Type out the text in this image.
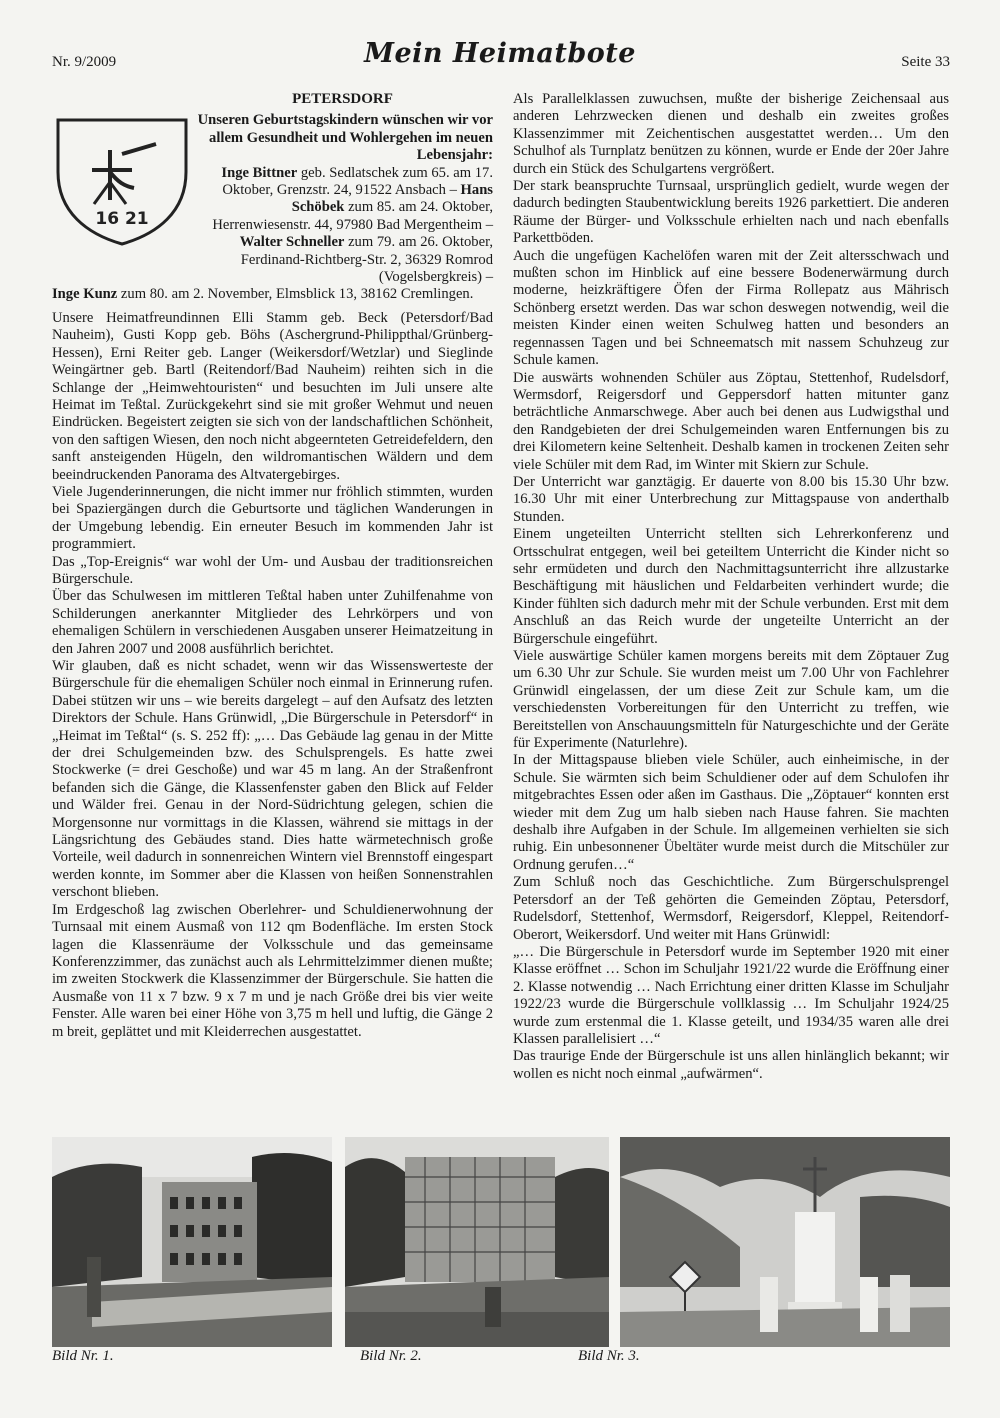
Nr. 9/2009	Mein Heimatbote	Seite 33
PETERSDORF
16 21
Unseren Geburtstagskindern wünschen wir vor allem Gesundheit und Wohlergehen im neuen Lebensjahr:
Inge Bittner geb. Sedlatschek zum 65. am 17. Oktober, Grenzstr. 24, 91522 Ansbach – Hans Schöbek zum 85. am 24. Oktober, Herrenwiesenstr. 44, 97980 Bad Mergentheim – Walter Schneller zum 79. am 26. Oktober, Ferdinand-Richtberg-Str. 2, 36329 Romrod (Vogelsbergkreis) –

Inge Kunz zum 80. am 2. November, Elmsblick 13, 38162 Cremlingen.

Unsere Heimatfreundinnen Elli Stamm geb. Beck (Petersdorf/Bad Nauheim), Gusti Kopp geb. Böhs (Aschergrund-Philippthal/Grünberg-Hessen), Erni Reiter geb. Langer (Weikersdorf/Wetzlar) und Sieglinde Weingärtner geb. Bartl (Reitendorf/Bad Nauheim) reihten sich in die Schlange der „Heimwehtouristen“ und besuchten im Juli unsere alte Heimat im Teßtal. Zurückgekehrt sind sie mit großer Wehmut und neuen Eindrücken. Begeistert zeigten sie sich von der landschaftlichen Schönheit, von den saftigen Wiesen, den noch nicht abgeernteten Getreidefeldern, den sanft ansteigenden Hügeln, den wildromantischen Wäldern und dem beeindruckenden Panorama des Altvatergebirges.

Viele Jugenderinnerungen, die nicht immer nur fröhlich stimmten, wurden bei Spaziergängen durch die Geburtsorte und täglichen Wanderungen in der Umgebung lebendig. Ein erneuter Besuch im kommenden Jahr ist programmiert.

Das „Top-Ereignis“ war wohl der Um- und Ausbau der traditionsreichen Bürgerschule.

Über das Schulwesen im mittleren Teßtal haben unter Zuhilfenahme von Schilderungen anerkannter Mitglieder des Lehrkörpers und von ehemaligen Schülern in verschiedenen Ausgaben unserer Heimatzeitung in den Jahren 2007 und 2008 ausführlich berichtet.

Wir glauben, daß es nicht schadet, wenn wir das Wissenswerteste der Bürgerschule für die ehemaligen Schüler noch einmal in Erinnerung rufen. Dabei stützen wir uns – wie bereits dargelegt – auf den Aufsatz des letzten Direktors der Schule. Hans Grünwidl, „Die Bürgerschule in Petersdorf“ in „Heimat im Teßtal“ (s. S. 252 ff): „… Das Gebäude lag genau in der Mitte der drei Schulgemeinden bzw. des Schulsprengels. Es hatte zwei Stockwerke (= drei Geschoße) und war 45 m lang. An der Straßenfront befanden sich die Gänge, die Klassenfenster gaben den Blick auf Felder und Wälder frei. Genau in der Nord-Südrichtung gelegen, schien die Morgensonne nur vormittags in die Klassen, während sie mittags in der Längsrichtung des Gebäudes stand. Dies hatte wärmetechnisch große Vorteile, weil dadurch in sonnenreichen Wintern viel Brennstoff eingespart werden konnte, im Sommer aber die Klassen von heißen Sonnenstrahlen verschont blieben.

Im Erdgeschoß lag zwischen Oberlehrer- und Schuldienerwohnung der Turnsaal mit einem Ausmaß von 112 qm Bodenfläche. Im ersten Stock lagen die Klassenräume der Volksschule und das gemeinsame Konferenzzimmer, das zunächst auch als Lehrmittelzimmer dienen mußte; im zweiten Stockwerk die Klassenzimmer der Bürgerschule. Sie hatten die Ausmaße von 11 x 7 bzw. 9 x 7 m und je nach Größe drei bis vier weite Fenster. Alle waren bei einer Höhe von 3,75 m hell und luftig, die Gänge 2 m breit, geplättet und mit Kleiderrechen ausgestattet.

Als Parallelklassen zuwuchsen, mußte der bisherige Zeichensaal aus anderen Lehrzwecken dienen und deshalb ein zweites großes Klassenzimmer mit Zeichentischen ausgestattet werden… Um den Schulhof als Turnplatz benützen zu können, wurde er Ende der 20er Jahre durch ein Stück des Schulgartens vergrößert.

Der stark beanspruchte Turnsaal, ursprünglich gedielt, wurde wegen der dadurch bedingten Staubentwicklung bereits 1926 parkettiert. Die anderen Räume der Bürger- und Volksschule erhielten nach und nach ebenfalls Parkettböden.

Auch die ungefügen Kachelöfen waren mit der Zeit altersschwach und mußten schon im Hinblick auf eine bessere Bodenerwärmung durch moderne, heizkräftigere Öfen der Firma Rollepatz aus Mährisch Schönberg ersetzt werden. Das war schon deswegen notwendig, weil die meisten Kinder einen weiten Schulweg hatten und besonders an regennassen Tagen und bei Schneematsch mit nassem Schuhzeug zur Schule kamen.

Die auswärts wohnenden Schüler aus Zöptau, Stettenhof, Rudelsdorf, Wermsdorf, Reigersdorf und Geppersdorf hatten mitunter ganz beträchtliche Anmarschwege. Aber auch bei denen aus Ludwigsthal und den Randgebieten der drei Schulgemeinden waren Entfernungen bis zu drei Kilometern keine Seltenheit. Deshalb kamen in trockenen Zeiten sehr viele Schüler mit dem Rad, im Winter mit Skiern zur Schule.

Der Unterricht war ganztägig. Er dauerte von 8.00 bis 15.30 Uhr bzw. 16.30 Uhr mit einer Unterbrechung zur Mittagspause von anderthalb Stunden.

Einem ungeteilten Unterricht stellten sich Lehrerkonferenz und Ortsschulrat entgegen, weil bei geteiltem Unterricht die Kinder nicht so sehr ermüdeten und durch den Nachmittagsunterricht ihre allzustarke Beschäftigung mit häuslichen und Feldarbeiten verhindert wurde; die Kinder fühlten sich dadurch mehr mit der Schule verbunden. Erst mit dem Anschluß an das Reich wurde der ungeteilte Unterricht an der Bürgerschule eingeführt.

Viele auswärtige Schüler kamen morgens bereits mit dem Zöptauer Zug um 6.30 Uhr zur Schule. Sie wurden meist um 7.00 Uhr von Fachlehrer Grünwidl eingelassen, der um diese Zeit zur Schule kam, um die verschiedensten Vorbereitungen für den Unterricht zu treffen, wie Bereitstellen von Anschauungsmitteln für Naturgeschichte und der Geräte für Experimente (Naturlehre).

In der Mittagspause blieben viele Schüler, auch einheimische, in der Schule. Sie wärmten sich beim Schuldiener oder auf dem Schulofen ihr mitgebrachtes Essen oder aßen im Gasthaus. Die „Zöptauer“ konnten erst wieder mit dem Zug um halb sieben nach Hause fahren. Sie machten deshalb ihre Aufgaben in der Schule. Im allgemeinen verhielten sie sich ruhig. Ein unbesonnener Übeltäter wurde meist durch die Mitschüler zur Ordnung gerufen…“

Zum Schluß noch das Geschichtliche. Zum Bürgerschulsprengel Petersdorf an der Teß gehörten die Gemeinden Zöptau, Petersdorf, Rudelsdorf, Stettenhof, Wermsdorf, Reigersdorf, Kleppel, Reitendorf-Oberort, Weikersdorf. Und weiter mit Hans Grünwidl:

„… Die Bürgerschule in Petersdorf wurde im September 1920 mit einer Klasse eröffnet … Schon im Schuljahr 1921/22 wurde die Eröffnung einer 2. Klasse notwendig … Nach Errichtung einer dritten Klasse im Schuljahr 1922/23 wurde die Bürgerschule vollklassig … Im Schuljahr 1924/25 wurde zum erstenmal die 1. Klasse geteilt, und 1934/35 waren alle drei Klassen parallelisiert …“

Das traurige Ende der Bürgerschule ist uns allen hinlänglich bekannt; wir wollen es nicht noch einmal „aufwärmen“.

Bild Nr. 1.	Bild Nr. 2.	Bild Nr. 3.
